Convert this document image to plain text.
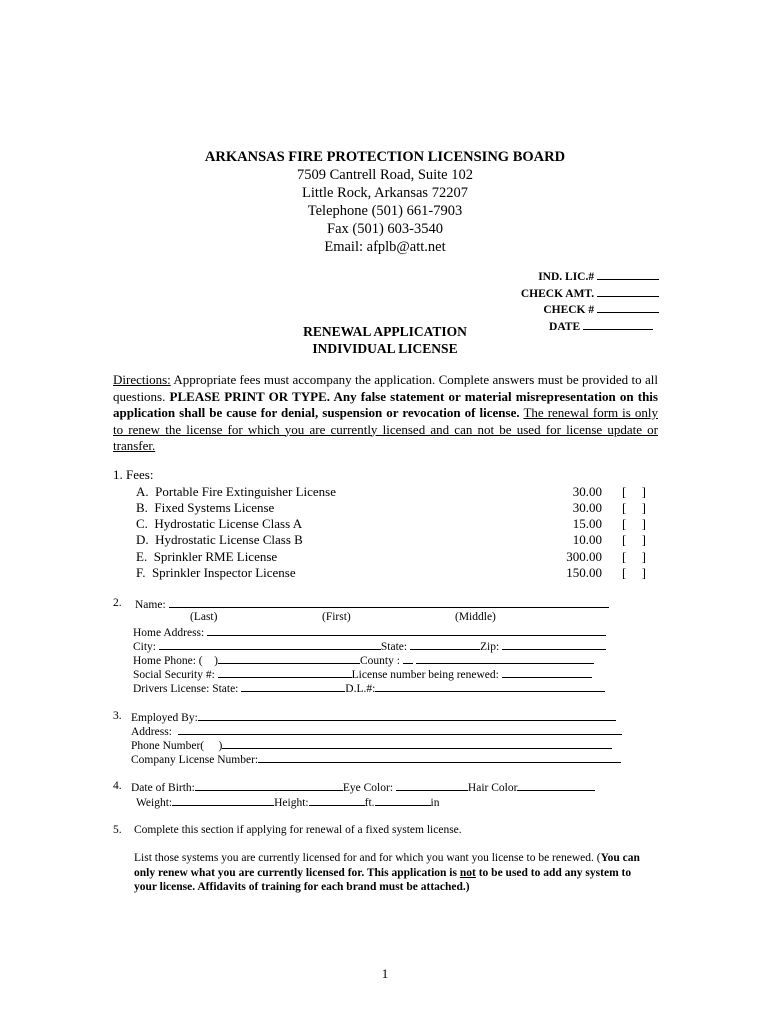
ARKANSAS FIRE PROTECTION LICENSING BOARD
7509 Cantrell Road, Suite 102
Little Rock, Arkansas 72207
Telephone (501) 661-7903
Fax (501) 603-3540
Email: afplb@att.net
IND. LIC.#
CHECK AMT.
CHECK #
DATE
RENEWAL APPLICATION
INDIVIDUAL LICENSE
Directions: Appropriate fees must accompany the application. Complete answers must be provided to all questions. PLEASE PRINT OR TYPE. Any false statement or material misrepresentation on this application shall be cause for denial, suspension or revocation of license. The renewal form is only to renew the license for which you are currently licensed and can not be used for license update or transfer.
1. Fees:
A. Portable Fire Extinguisher License	30.00 [ ]
B. Fixed Systems License	30.00 [ ]
C. Hydrostatic License Class A	15.00 [ ]
D. Hydrostatic License Class B	10.00 [ ]
E. Sprinkler RME License	300.00 [ ]
F. Sprinkler Inspector License	150.00 [ ]
2. Name:
(Last)	(First)	(Middle)
Home Address:
City:	State:	Zip:
Home Phone: ( )	County :
Social Security #:	License number being renewed:
Drivers License: State:	D.L.#:
3. Employed By:
Address:
Phone Number( )
Company License Number:
4. Date of Birth:	Eye Color:	Hair Color
Weight:	Height:	ft.	in
5. Complete this section if applying for renewal of a fixed system license.
List those systems you are currently licensed for and for which you want you license to be renewed. (You can only renew what you are currently licensed for. This application is not to be used to add any system to your license. Affidavits of training for each brand must be attached.)
1
